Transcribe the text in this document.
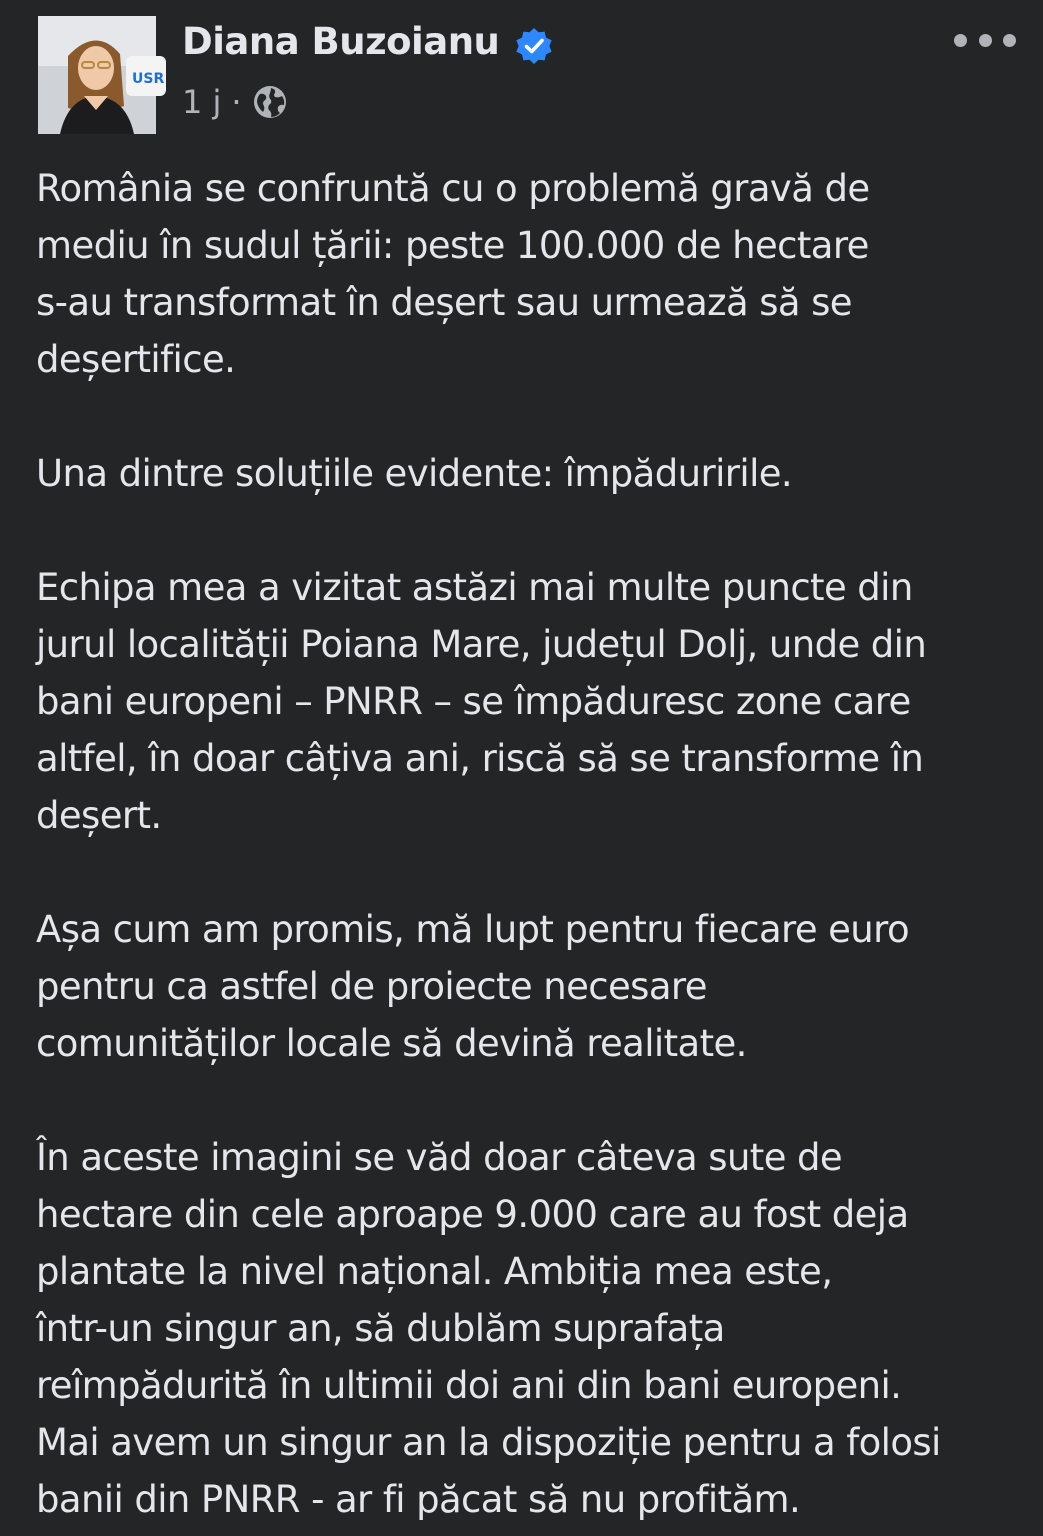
USR
Diana Buzoianu
1 j ·

România se confruntă cu o problemă gravă de
mediu în sudul țării: peste 100.000 de hectare
s-au transformat în deșert sau urmează să se
deșertifice.

Una dintre soluțiile evidente: împăduririle.

Echipa mea a vizitat astăzi mai multe puncte din
jurul localității Poiana Mare, județul Dolj, unde din
bani europeni – PNRR – se împăduresc zone care
altfel, în doar câțiva ani, riscă să se transforme în
deșert.

Așa cum am promis, mă lupt pentru fiecare euro
pentru ca astfel de proiecte necesare
comunităților locale să devină realitate.

În aceste imagini se văd doar câteva sute de
hectare din cele aproape 9.000 care au fost deja
plantate la nivel național. Ambiția mea este,
într-un singur an, să dublăm suprafața
reîmpădurită în ultimii doi ani din bani europeni.
Mai avem un singur an la dispoziție pentru a folosi
banii din PNRR - ar fi păcat să nu profităm.
